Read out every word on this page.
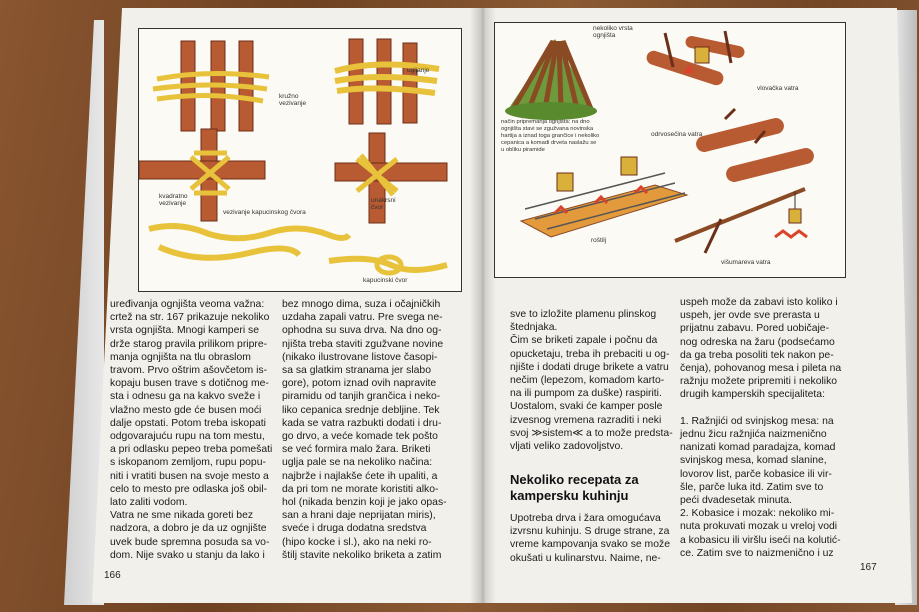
ugljanje
kružno
vezivanje
kvadratno
vezivanje
vezivanje kapucinskog čvora
unakrsni
čvor
kapucinski čvor
nekoliko vrsta
ognjišta
način pripremanja ognjišta: na dno
ognjišta stavi se zgužvana novinska
hartija a iznad toga grančice i nekoliko
cepanica a komadi drveta naslažu se
u obliku piramide
vlovačka vatra
odrvosečina vatra
roštilj
višumareva vatra
uređivanja ognjišta veoma važna:
crtež na str. 167 prikazuje nekoliko
vrsta ognjišta. Mnogi kamperi se
drže starog pravila prilikom pripre-
manja ognjišta na tlu obraslom
travom. Prvo oštrim ašovčetom is-
kopaju busen trave s dotičnog me-
sta i odnesu ga na kakvo sveže i
vlažno mesto gde će busen moći
dalje opstati. Potom treba iskopati
odgovarajuću rupu na tom mestu,
a pri odlasku pepeo treba pomešati
s iskopanom zemljom, rupu popu-
niti i vratiti busen na svoje mesto a
celo to mesto pre odlaska još obil-
lato zaliti vodom.
Vatra ne sme nikada goreti bez
nadzora, a dobro je da uz ognjište
uvek bude spremna posuda sa vo-
dom. Nije svako u stanju da lako i
bez mnogo dima, suza i očajničkih
uzdaha zapali vatru. Pre svega ne-
ophodna su suva drva. Na dno og-
njišta treba staviti zgužvane novine
(nikako ilustrovane listove časopi-
sa sa glatkim stranama jer slabo
gore), potom iznad ovih napravite
piramidu od tanjih grančica i neko-
liko cepanica srednje debljine. Tek
kada se vatra razbukti dodati i dru-
go drvo, a veće komade tek pošto
se već formira malo žara. Briketi
uglja pale se na nekoliko načina:
najbrže i najlakše ćete ih upaliti, a
da pri tom ne morate koristiti alko-
hol (nikada benzin koji je jako opas-
san a hrani daje neprijatan miris),
sveće i druga dodatna sredstva
(hipo kocke i sl.), ako na neki ro-
štilj stavite nekoliko briketa a zatim
166
sve to izložite plamenu plinskog
štednjaka.
Čim se briketi zapale i počnu da
opucketaju, treba ih prebaciti u og-
njište i dodati druge brikete a vatru
nečim (lepezom, komadom karto-
na ili pumpom za duške) raspiriti.
Uostalom, svaki će kamper posle
izvesnog vremena razraditi i neki
svoj ≫sistem≪ a to može predsta-
vljati veliko zadovoljstvo.
Nekoliko recepata za
kampersku kuhinju
Upotreba drva i žara omogućava
izvrsnu kuhinju. S druge strane, za
vreme kampovanja svako se može
okušati u kulinarstvu. Naime, ne-
uspeh može da zabavi isto koliko i
uspeh, jer ovde sve prerasta u
prijatnu zabavu. Pored uobičaje-
nog odreska na žaru (podsećamo
da ga treba posoliti tek nakon pe-
čenja), pohovanog mesa i pileta na
ražnju možete pripremiti i nekoliko
drugih kamperskih specijaliteta:

1. Ražnjići od svinjskog mesa: na
jednu žicu ražnjića naizmenično
nanizati komad paradajza, komad
svinjskog mesa, komad slanine,
lovorov list, parče kobasice ili vir-
šle, parče luka itd. Zatim sve to
peći dvadesetak minuta.
2. Kobasice i mozak: nekoliko mi-
nuta prokuvati mozak u vrelој vodi
a kobasicu ili viršlu iseći na kolutić-
ce. Zatim sve to naizmenično i uz
167
